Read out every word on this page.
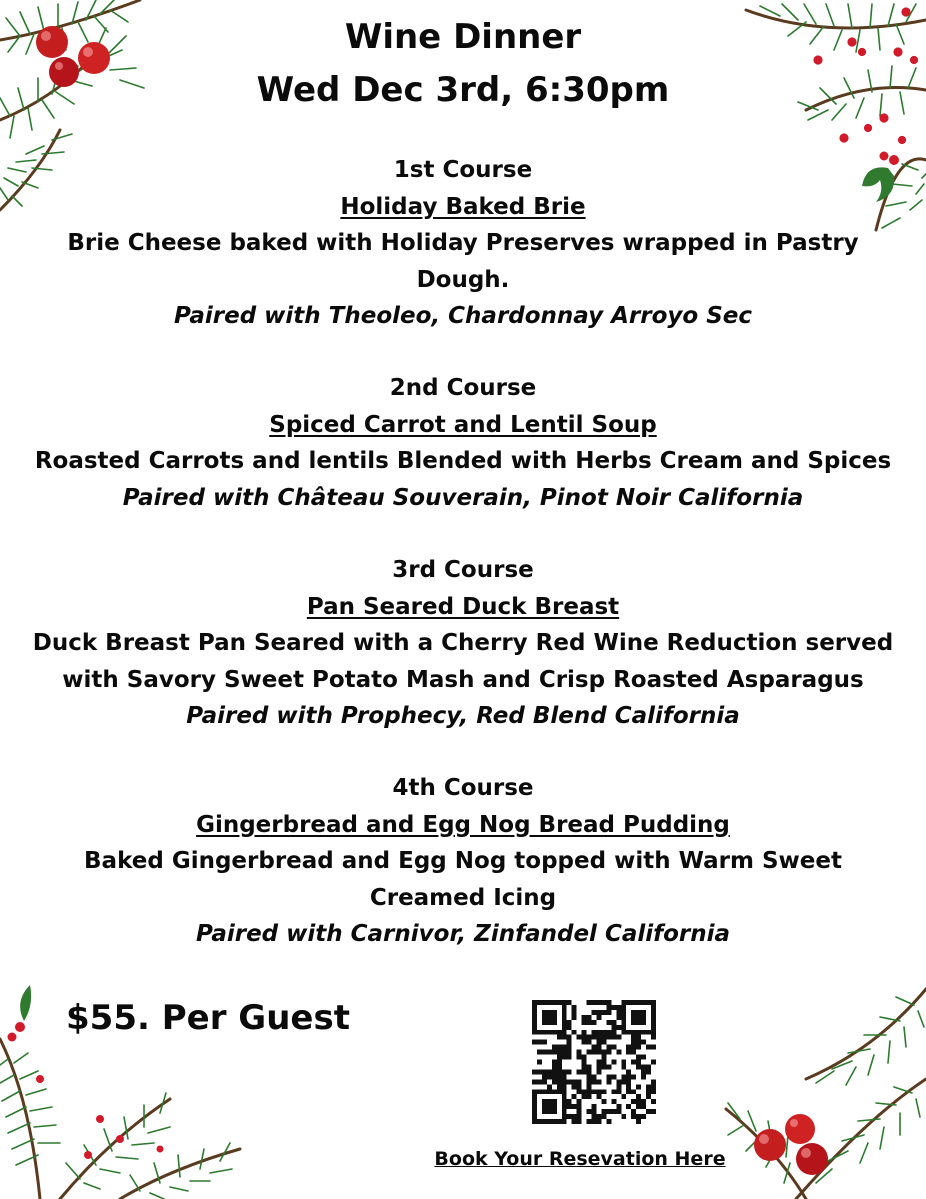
Wine Dinner
Wed Dec 3rd, 6:30pm
1st Course
Holiday Baked Brie
Brie Cheese baked with Holiday Preserves wrapped in Pastry
Dough.
Paired with Theoleo, Chardonnay Arroyo Sec
2nd Course
Spiced Carrot and Lentil Soup
Roasted Carrots and lentils Blended with Herbs Cream and Spices
Paired with Château Souverain, Pinot Noir California
3rd Course
Pan Seared Duck Breast
Duck Breast Pan Seared with a Cherry Red Wine Reduction served
with Savory Sweet Potato Mash and Crisp Roasted Asparagus
Paired with Prophecy, Red Blend California
4th Course
Gingerbread and Egg Nog Bread Pudding
Baked Gingerbread and Egg Nog topped with Warm Sweet
Creamed Icing
Paired with Carnivor, Zinfandel California
$55. Per Guest
Book Your Resevation Here
